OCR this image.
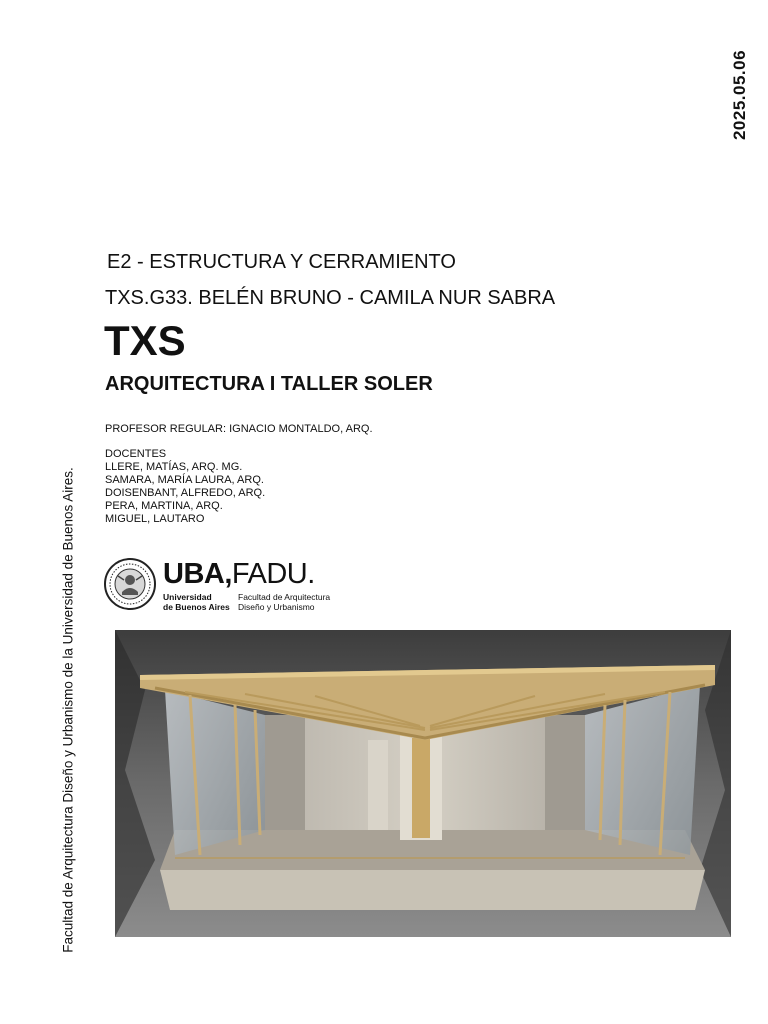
2025.05.06
Facultad de Arquitectura Diseño y Urbanismo de la Universidad de Buenos Aires.
E2 - ESTRUCTURA Y CERRAMIENTO
TXS.G33. BELÉN BRUNO - CAMILA NUR SABRA
TXS
ARQUITECTURA I TALLER SOLER
PROFESOR REGULAR: IGNACIO MONTALDO, ARQ.
DOCENTES
LLERE, MATÍAS, ARQ. MG.
SAMARA, MARÍA LAURA, ARQ.
DOISENBANT, ALFREDO, ARQ.
PERA, MARTINA, ARQ.
MIGUEL, LAUTARO
UBA,FADU.
Universidad
de Buenos Aires
Facultad de Arquitectura
Diseño y Urbanismo
